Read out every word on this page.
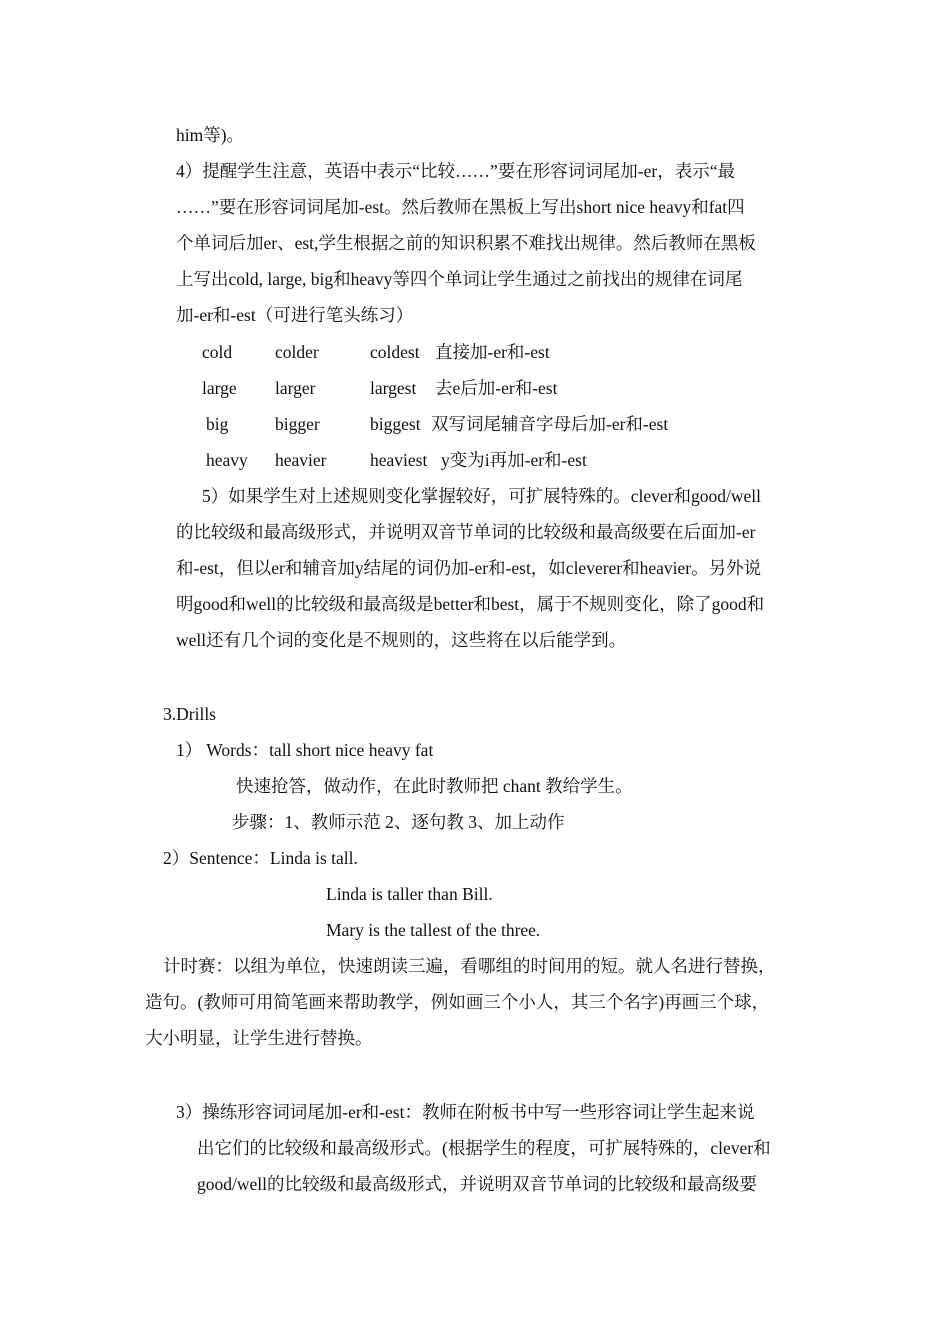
him等)。
4）提醒学生注意，英语中表示“比较……”要在形容词词尾加-er，表示“最
……”要在形容词词尾加-est。然后教师在黑板上写出short nice heavy和fat四
个单词后加er、est,学生根据之前的知识积累不难找出规律。然后教师在黑板
上写出cold, large, big和heavy等四个单词让学生通过之前找出的规律在词尾
加-er和-est（可进行笔头练习）
cold colder	coldest 直接加-er和-est
large larger	largest 去e后加-er和-est
big	bigger	biggest 双写词尾辅音字母后加-er和-est
heavy heavier heaviest y变为i再加-er和-est
5）如果学生对上述规则变化掌握较好，可扩展特殊的。clever和good/well
的比较级和最高级形式，并说明双音节单词的比较级和最高级要在后面加-er
和-est，但以er和辅音加y结尾的词仍加-er和-est，如cleverer和heavier。另外说
明good和well的比较级和最高级是better和best，属于不规则变化，除了good和
well还有几个词的变化是不规则的，这些将在以后能学到。
3.Drills
1） Words：tall short nice heavy fat
快速抢答，做动作，在此时教师把 chant 教给学生。
步骤：1、教师示范 2、逐句教 3、加上动作
2）Sentence：Linda is tall.
Linda is taller than Bill.
Mary is the tallest of the three.
计时赛：以组为单位，快速朗读三遍，看哪组的时间用的短。就人名进行替换，
造句。(教师可用简笔画来帮助教学，例如画三个小人，其三个名字)再画三个球，
大小明显，让学生进行替换。
3）操练形容词词尾加-er和-est：教师在附板书中写一些形容词让学生起来说
出它们的比较级和最高级形式。(根据学生的程度，可扩展特殊的，clever和
good/well的比较级和最高级形式，并说明双音节单词的比较级和最高级要
